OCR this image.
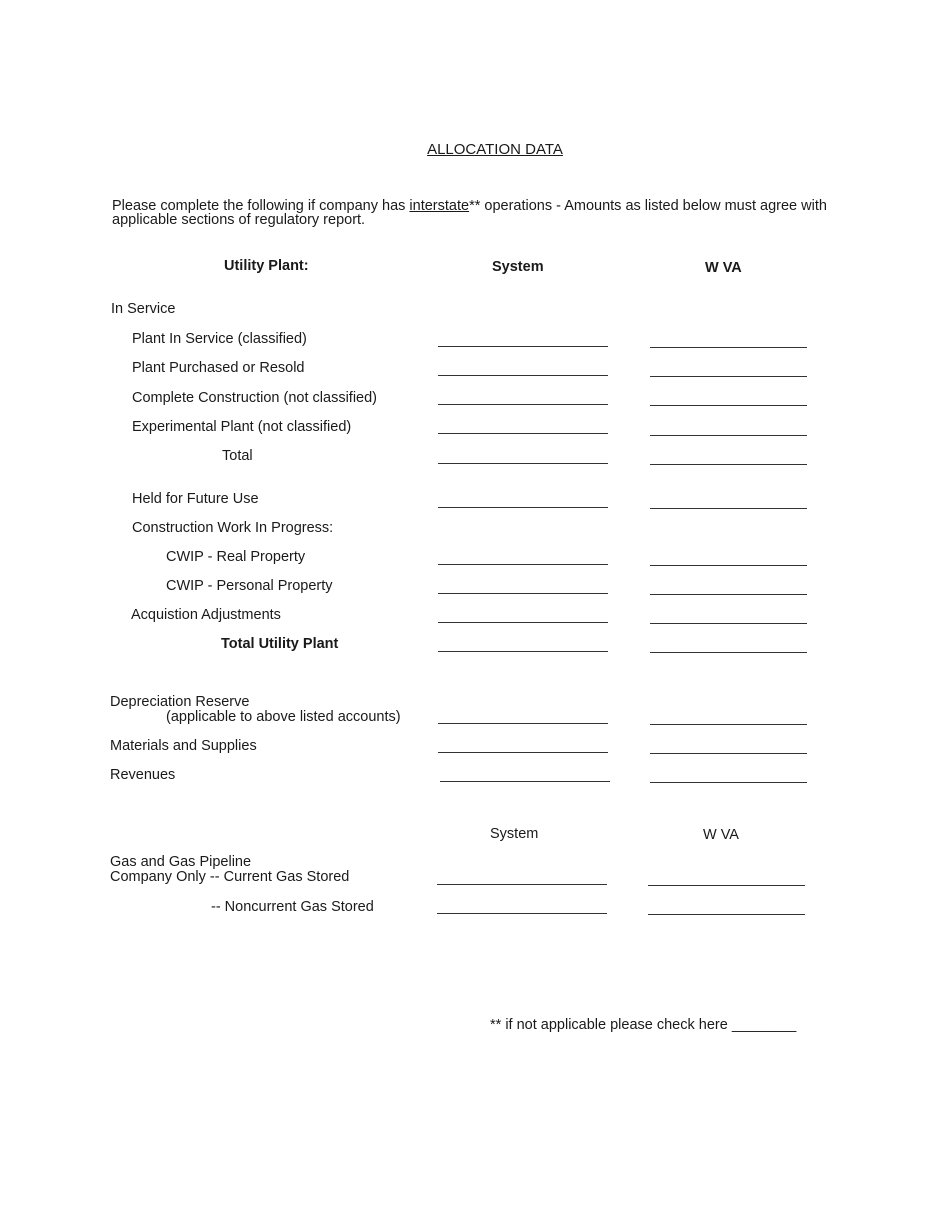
ALLOCATION DATA
Please complete the following if company has interstate** operations - Amounts as listed below must agree with applicable sections of regulatory report.
Utility Plant:	System	W VA
In Service
Plant In Service (classified)
Plant Purchased or Resold
Complete Construction (not classified)
Experimental Plant (not classified)
Total
Held for Future Use
Construction Work In Progress:
CWIP - Real Property
CWIP - Personal Property
Acquistion Adjustments
Total Utility Plant
Depreciation Reserve
(applicable to above listed accounts)
Materials and Supplies
Revenues
System	W VA
Gas and Gas Pipeline
Company Only -- Current Gas Stored
-- Noncurrent Gas Stored
** if not applicable please check here ________
